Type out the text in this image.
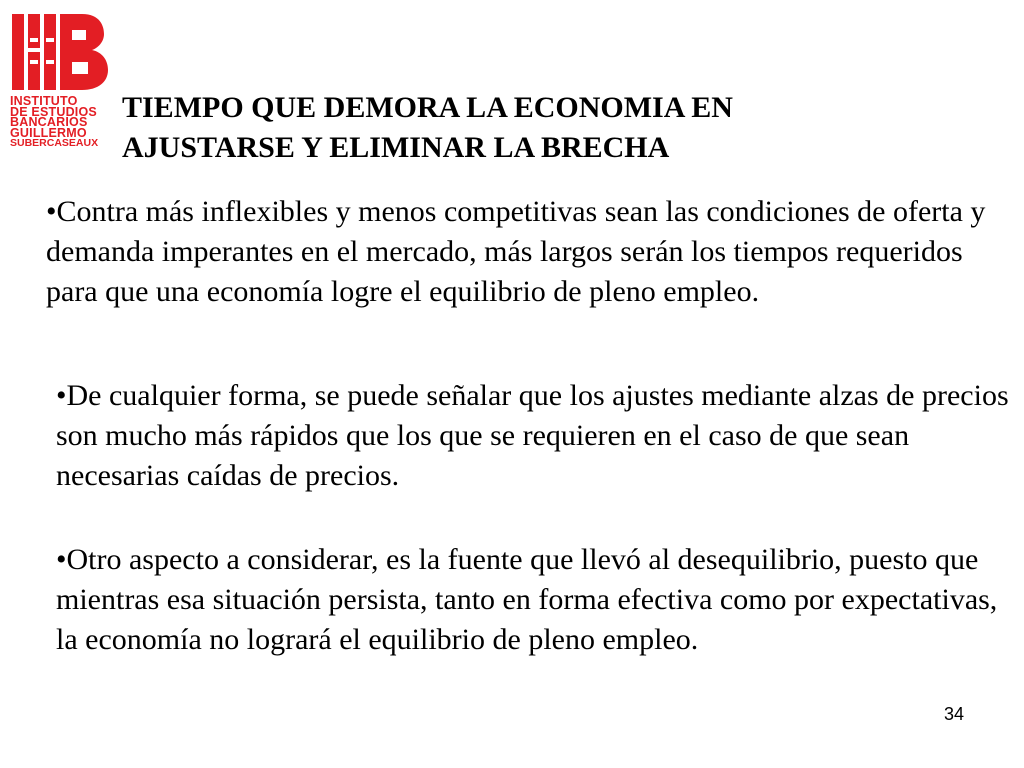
INSTITUTO
DE ESTUDIOS
BANCARIOS
GUILLERMO
SUBERCASEAUX
TIEMPO QUE DEMORA LA ECONOMIA EN
AJUSTARSE Y ELIMINAR LA BRECHA
•Contra más inflexibles y menos competitivas sean las condiciones de oferta y demanda imperantes en el mercado, más largos serán los tiempos requeridos para que una economía logre el equilibrio de pleno empleo.
•De cualquier forma, se puede señalar que los ajustes mediante alzas de precios son mucho más rápidos que los que se requieren en el caso de que sean necesarias caídas de precios.
•Otro aspecto a considerar, es la fuente que llevó al desequilibrio, puesto que mientras esa situación persista, tanto en forma efectiva como por expectativas, la economía no logrará el equilibrio de pleno empleo.
34
